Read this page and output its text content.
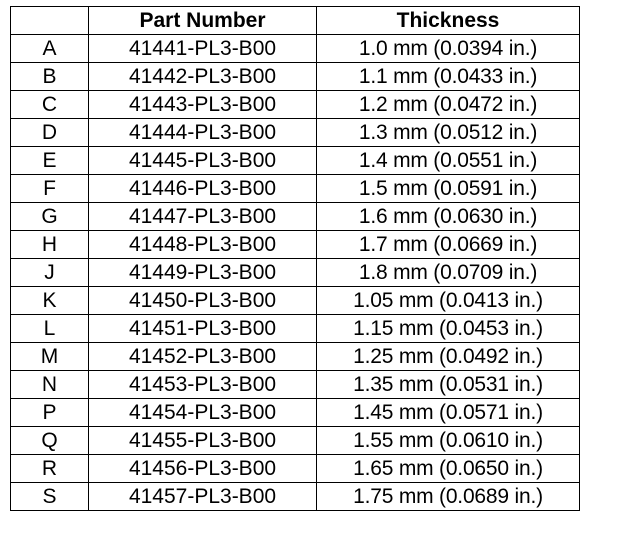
	Part Number	Thickness
A	41441-PL3-B00	1.0 mm (0.0394 in.)
B	41442-PL3-B00	1.1 mm (0.0433 in.)
C	41443-PL3-B00	1.2 mm (0.0472 in.)
D	41444-PL3-B00	1.3 mm (0.0512 in.)
E	41445-PL3-B00	1.4 mm (0.0551 in.)
F	41446-PL3-B00	1.5 mm (0.0591 in.)
G	41447-PL3-B00	1.6 mm (0.0630 in.)
H	41448-PL3-B00	1.7 mm (0.0669 in.)
J	41449-PL3-B00	1.8 mm (0.0709 in.)
K	41450-PL3-B00	1.05 mm (0.0413 in.)
L	41451-PL3-B00	1.15 mm (0.0453 in.)
M	41452-PL3-B00	1.25 mm (0.0492 in.)
N	41453-PL3-B00	1.35 mm (0.0531 in.)
P	41454-PL3-B00	1.45 mm (0.0571 in.)
Q	41455-PL3-B00	1.55 mm (0.0610 in.)
R	41456-PL3-B00	1.65 mm (0.0650 in.)
S	41457-PL3-B00	1.75 mm (0.0689 in.)
